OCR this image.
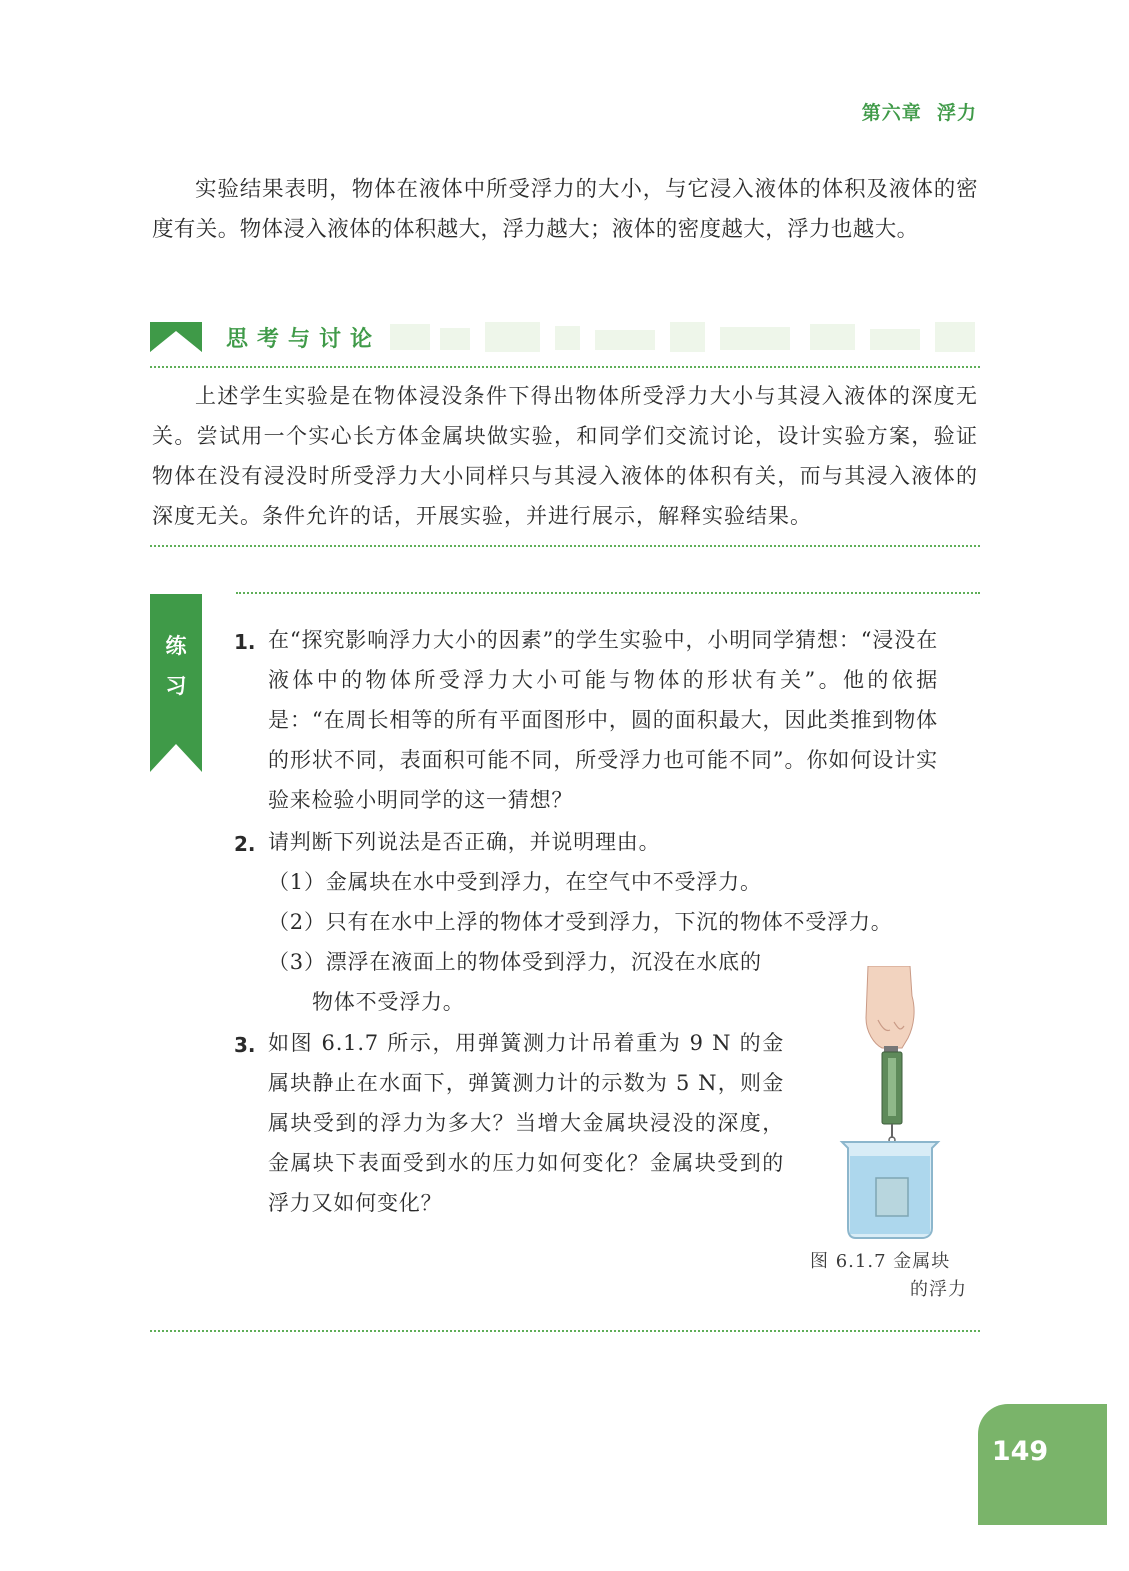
第六章  浮力
实验结果表明，物体在液体中所受浮力的大小，与它浸入液体的体积及液体的密度有关。物体浸入液体的体积越大，浮力越大；液体的密度越大，浮力也越大。
思考与讨论
上述学生实验是在物体浸没条件下得出物体所受浮力大小与其浸入液体的深度无关。尝试用一个实心长方体金属块做实验，和同学们交流讨论，设计实验方案，验证物体在没有浸没时所受浮力大小同样只与其浸入液体的体积有关，而与其浸入液体的深度无关。条件允许的话，开展实验，并进行展示，解释实验结果。
练
习
1. 在“探究影响浮力大小的因素”的学生实验中，小明同学猜想：“浸没在液体中的物体所受浮力大小可能与物体的形状有关”。他的依据是：“在周长相等的所有平面图形中，圆的面积最大，因此类推到物体的形状不同，表面积可能不同，所受浮力也可能不同”。你如何设计实验来检验小明同学的这一猜想？
2. 请判断下列说法是否正确，并说明理由。
（1）金属块在水中受到浮力，在空气中不受浮力。
（2）只有在水中上浮的物体才受到浮力，下沉的物体不受浮力。
（3）漂浮在液面上的物体受到浮力，沉没在水底的
物体不受浮力。
3. 如图 6.1.7 所示，用弹簧测力计吊着重为 9 N 的金属块静止在水面下，弹簧测力计的示数为 5 N，则金属块受到的浮力为多大？当增大金属块浸没的深度，金属块下表面受到水的压力如何变化？金属块受到的浮力又如何变化？
图 6.1.7 金属块
的浮力
149
